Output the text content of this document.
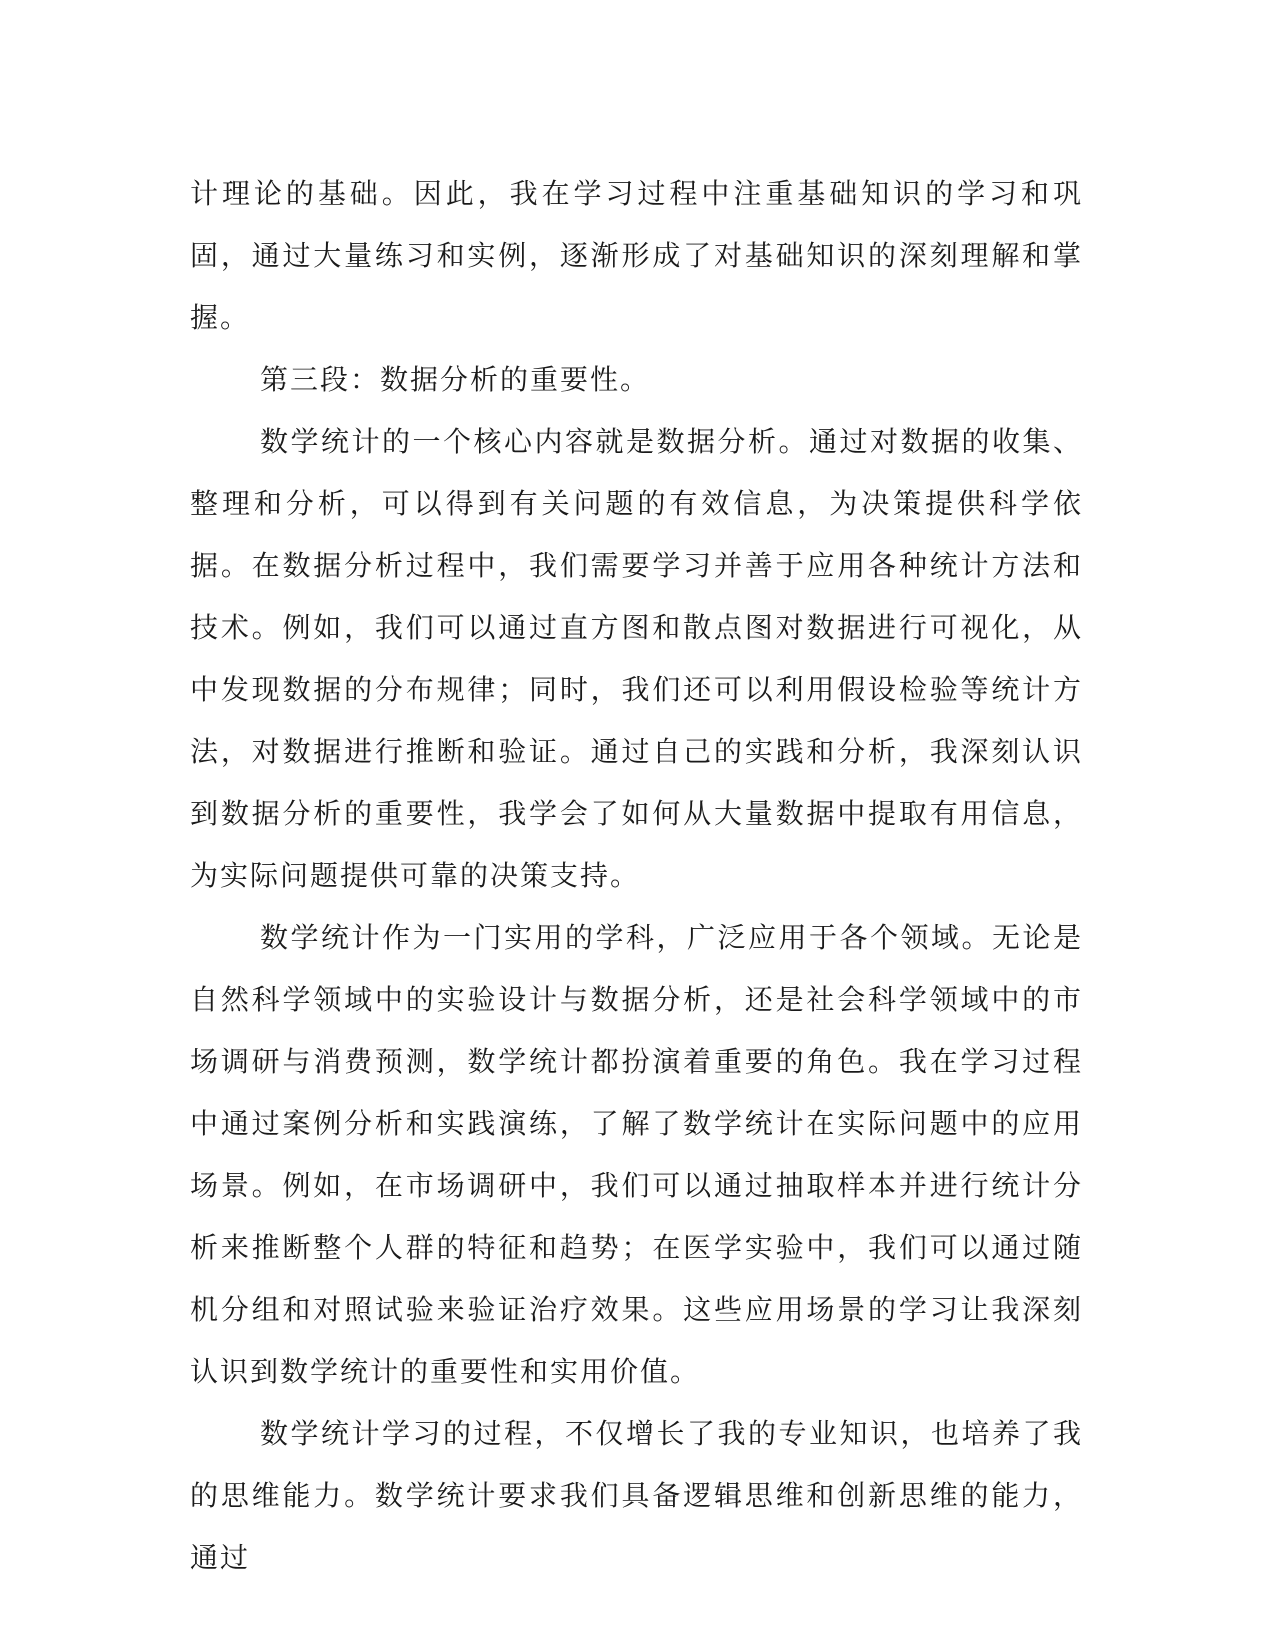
计理论的基础。因此，我在学习过程中注重基础知识的学习和巩固，通过大量练习和实例，逐渐形成了对基础知识的深刻理解和掌握。

第三段：数据分析的重要性。

数学统计的一个核心内容就是数据分析。通过对数据的收集、整理和分析，可以得到有关问题的有效信息，为决策提供科学依据。在数据分析过程中，我们需要学习并善于应用各种统计方法和技术。例如，我们可以通过直方图和散点图对数据进行可视化，从中发现数据的分布规律；同时，我们还可以利用假设检验等统计方法，对数据进行推断和验证。通过自己的实践和分析，我深刻认识到数据分析的重要性，我学会了如何从大量数据中提取有用信息，为实际问题提供可靠的决策支持。

数学统计作为一门实用的学科，广泛应用于各个领域。无论是自然科学领域中的实验设计与数据分析，还是社会科学领域中的市场调研与消费预测，数学统计都扮演着重要的角色。我在学习过程中通过案例分析和实践演练，了解了数学统计在实际问题中的应用场景。例如，在市场调研中，我们可以通过抽取样本并进行统计分析来推断整个人群的特征和趋势；在医学实验中，我们可以通过随机分组和对照试验来验证治疗效果。这些应用场景的学习让我深刻认识到数学统计的重要性和实用价值。

数学统计学习的过程，不仅增长了我的专业知识，也培养了我的思维能力。数学统计要求我们具备逻辑思维和创新思维的能力，通过
